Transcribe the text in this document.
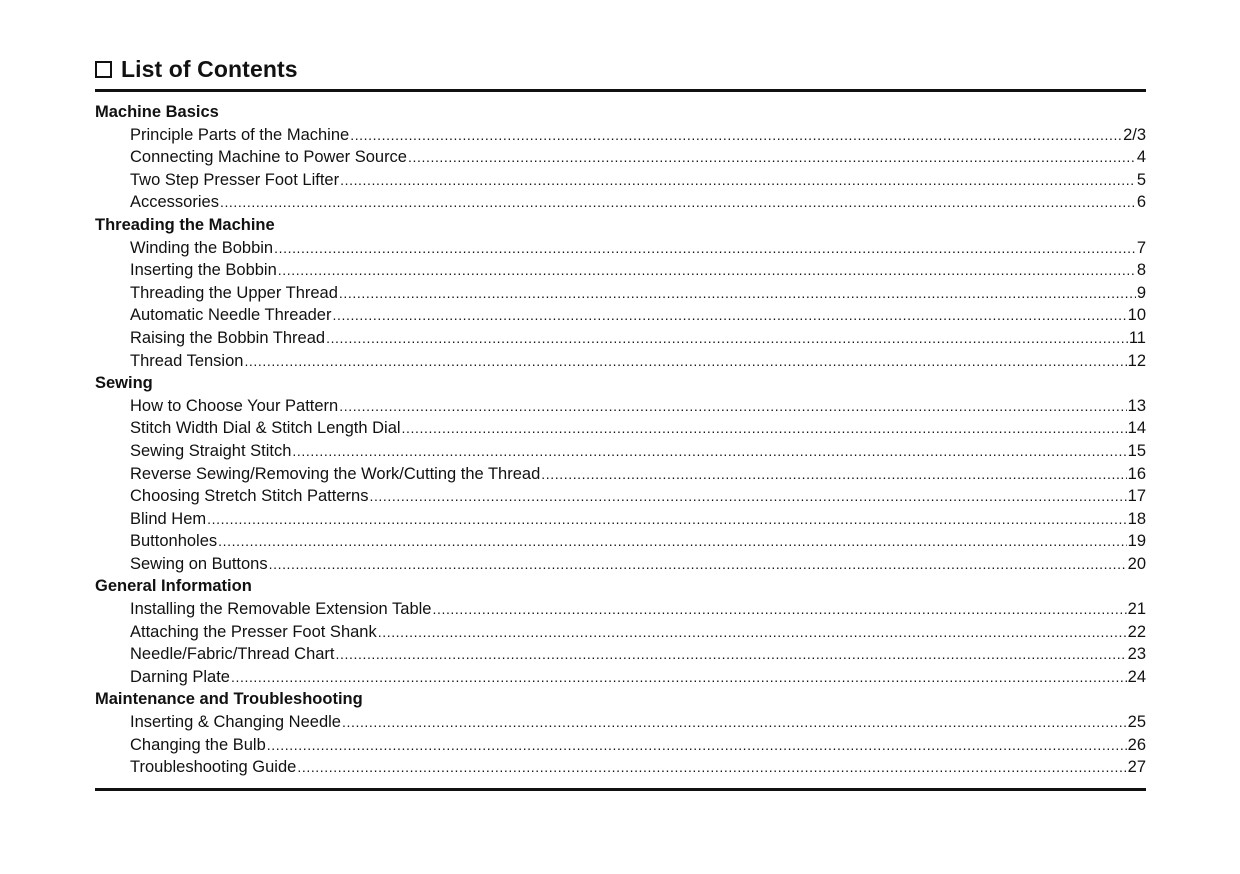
List of Contents
Machine Basics
Principle Parts of the Machine .....	2/3
Connecting Machine to Power Source .....	4
Two Step Presser Foot Lifter .....	5
Accessories .....	6
Threading the Machine
Winding the Bobbin .....	7
Inserting the Bobbin .....	8
Threading the Upper Thread .....	9
Automatic Needle Threader .....	10
Raising the Bobbin Thread .....	11
Thread Tension .....	12
Sewing
How to Choose Your Pattern .....	13
Stitch Width Dial & Stitch Length Dial .....	14
Sewing Straight Stitch .....	15
Reverse Sewing/Removing the Work/Cutting the Thread .....	16
Choosing Stretch Stitch Patterns .....	17
Blind Hem .....	18
Buttonholes .....	19
Sewing on Buttons .....	20
General Information
Installing the Removable Extension Table .....	21
Attaching the Presser Foot Shank .....	22
Needle/Fabric/Thread Chart .....	23
Darning Plate .....	24
Maintenance and Troubleshooting
Inserting & Changing Needle .....	25
Changing the Bulb .....	26
Troubleshooting Guide .....	27
